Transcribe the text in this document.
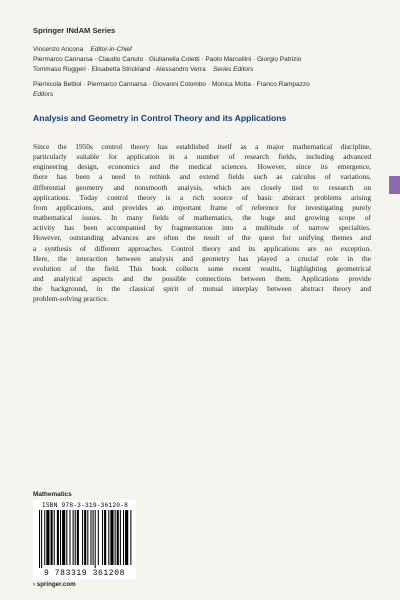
Springer INdAM Series
Vincenzo Ancona Editor-in-Chief
Piermarco Cannarsa · Claudio Canuto · Giulianella Coletti · Paolo Marcellini · Giorgio Patrizio
Tommaso Ruggeri · Elisabetta Strickland · Alessandro Verra Series Editors
Piernicola Bettiol · Piermarco Cannarsa · Giovanni Colombo · Monica Motta · Franco Rampazzo
Editors
Analysis and Geometry in Control Theory and its Applications
Since the 1950s control theory has established itself as a major mathematical discipline,
particularly suitable for application in a number of research fields, including advanced
engineering design, economics and the medical sciences. However, since its emergence,
there has been a need to rethink and extend fields such as calculus of variations,
differential geometry and nonsmooth analysis, which are closely tied to research on
applications. Today control theory is a rich source of basic abstract problems arising
from applications, and provides an important frame of reference for investigating purely
mathematical issues. In many fields of mathematics, the huge and growing scope of
activity has been accompanied by fragmentation into a multitude of narrow specialties.
However, outstanding advances are often the result of the quest for unifying themes and
a synthesis of different approaches. Control theory and its applications are no exception.
Here, the interaction between analysis and geometry has played a crucial role in the
evolution of the field. This book collects some recent results, highlighting geometrical
and analytical aspects and the possible connections between them. Applications provide
the background, in the classical spirit of mutual interplay between abstract theory and
problem-solving practice.
Mathematics
ISBN 978-3-319-36120-8
9 783319 361208
› springer.com
